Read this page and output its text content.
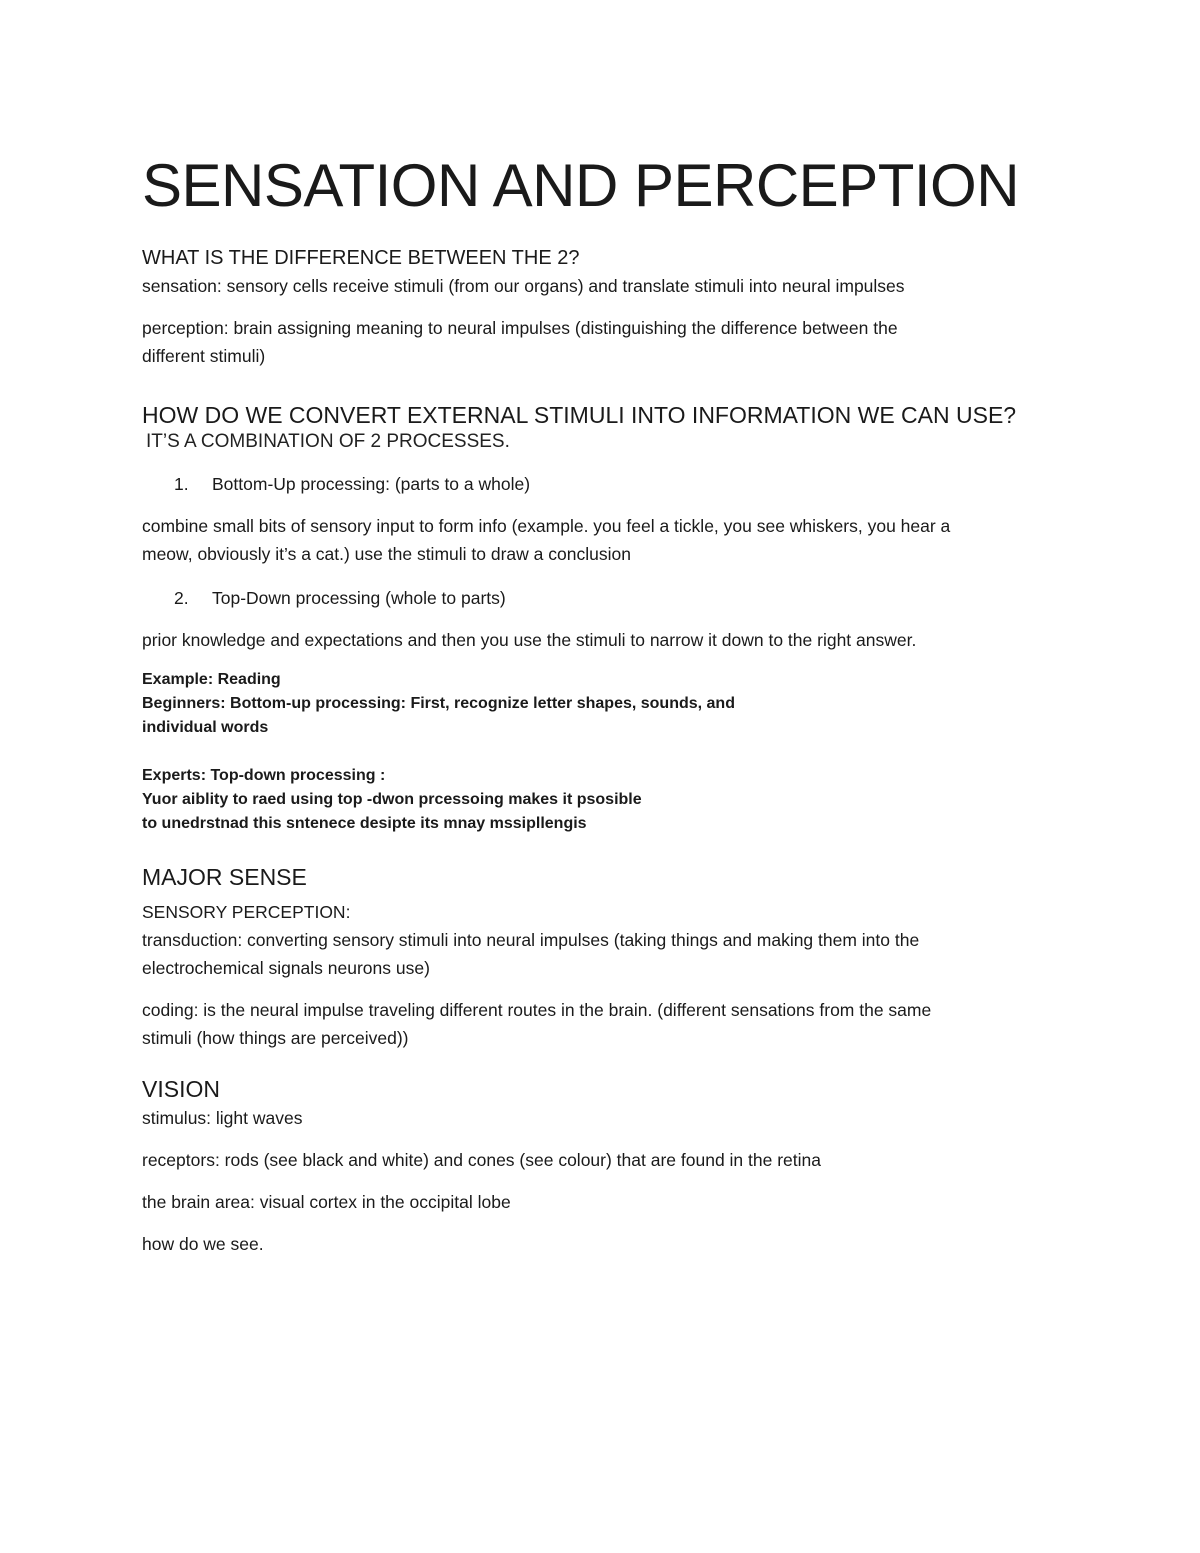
SENSATION AND PERCEPTION
WHAT IS THE DIFFERENCE BETWEEN THE 2?

sensation: sensory cells receive stimuli (from our organs) and translate stimuli into neural impulses

perception: brain assigning meaning to neural impulses (distinguishing the difference between the

different stimuli)

HOW DO WE CONVERT EXTERNAL STIMULI INTO INFORMATION WE CAN USE?
IT’S A COMBINATION OF 2 PROCESSES.
1.	Bottom-Up processing: (parts to a whole)

combine small bits of sensory input to form info (example. you feel a tickle, you see whiskers, you hear a

meow, obviously it’s a cat.) use the stimuli to draw a conclusion

2.	Top-Down processing (whole to parts)

prior knowledge and expectations and then you use the stimuli to narrow it down to the right answer.

Example: Reading

Beginners: Bottom-up processing: First, recognize letter shapes, sounds, and

individual words

Experts: Top-down processing :

Yuor aiblity to raed using top -dwon prcessoing makes it psosible

to unedrstnad this sntenece desipte its mnay mssipllengis

MAJOR SENSE

SENSORY PERCEPTION:

transduction: converting sensory stimuli into neural impulses (taking things and making them into the

electrochemical signals neurons use)

coding: is the neural impulse traveling different routes in the brain. (different sensations from the same

stimuli (how things are perceived))

VISION

stimulus: light waves

receptors: rods (see black and white) and cones (see colour) that are found in the retina

the brain area: visual cortex in the occipital lobe

how do we see.
